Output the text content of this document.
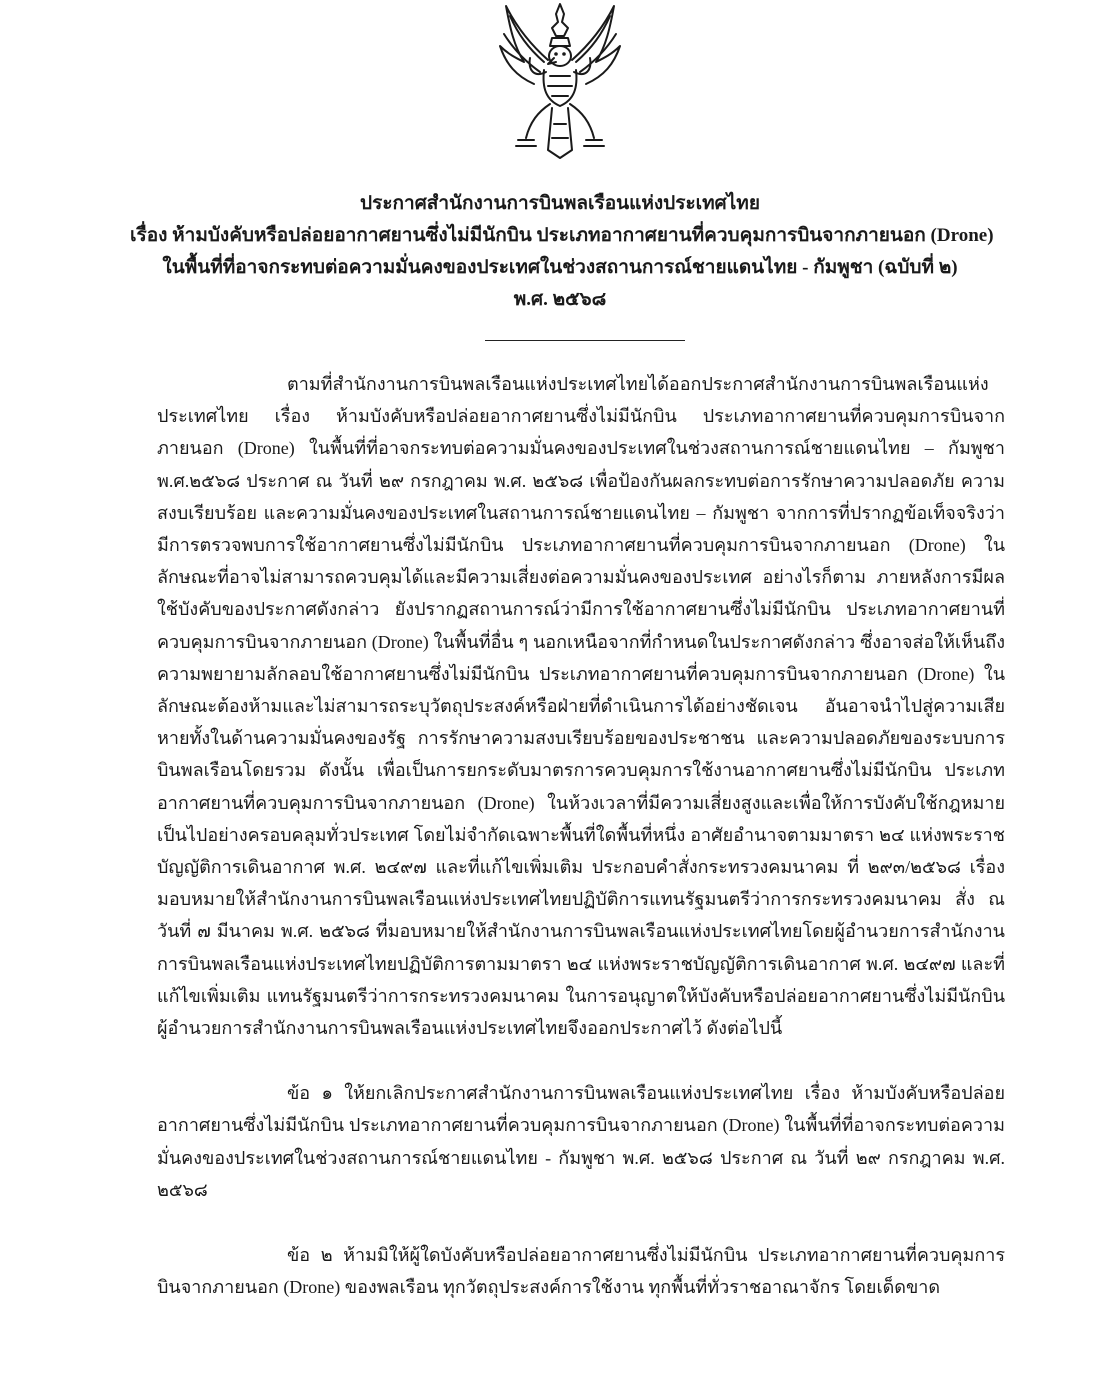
ประกาศสำนักงานการบินพลเรือนแห่งประเทศไทย
เรื่อง ห้ามบังคับหรือปล่อยอากาศยานซึ่งไม่มีนักบิน ประเภทอากาศยานที่ควบคุมการบินจากภายนอก (Drone)
ในพื้นที่ที่อาจกระทบต่อความมั่นคงของประเทศในช่วงสถานการณ์ชายแดนไทย - กัมพูชา (ฉบับที่ ๒)
พ.ศ. ๒๕๖๘

ตามที่สำนักงานการบินพลเรือนแห่งประเทศไทยได้ออกประกาศสำนักงานการบินพลเรือนแห่งประเทศไทย เรื่อง ห้ามบังคับหรือปล่อยอากาศยานซึ่งไม่มีนักบิน ประเภทอากาศยานที่ควบคุมการบินจากภายนอก (Drone) ในพื้นที่ที่อาจกระทบต่อความมั่นคงของประเทศในช่วงสถานการณ์ชายแดนไทย – กัมพูชา พ.ศ.๒๕๖๘ ประกาศ ณ วันที่ ๒๙ กรกฎาคม พ.ศ. ๒๕๖๘ เพื่อป้องกันผลกระทบต่อการรักษาความปลอดภัย ความสงบเรียบร้อย และความมั่นคงของประเทศในสถานการณ์ชายแดนไทย – กัมพูชา จากการที่ปรากฏข้อเท็จจริงว่ามีการตรวจพบการใช้อากาศยานซึ่งไม่มีนักบิน ประเภทอากาศยานที่ควบคุมการบินจากภายนอก (Drone) ในลักษณะที่อาจไม่สามารถควบคุมได้และมีความเสี่ยงต่อความมั่นคงของประเทศ อย่างไรก็ตาม ภายหลังการมีผลใช้บังคับของประกาศดังกล่าว ยังปรากฏสถานการณ์ว่ามีการใช้อากาศยานซึ่งไม่มีนักบิน ประเภทอากาศยานที่ควบคุมการบินจากภายนอก (Drone) ในพื้นที่อื่น ๆ นอกเหนือจากที่กำหนดในประกาศดังกล่าว ซึ่งอาจส่อให้เห็นถึงความพยายามลักลอบใช้อากาศยานซึ่งไม่มีนักบิน ประเภทอากาศยานที่ควบคุมการบินจากภายนอก (Drone) ในลักษณะต้องห้ามและไม่สามารถระบุวัตถุประสงค์หรือฝ่ายที่ดำเนินการได้อย่างชัดเจน อันอาจนำไปสู่ความเสียหายทั้งในด้านความมั่นคงของรัฐ การรักษาความสงบเรียบร้อยของประชาชน และความปลอดภัยของระบบการบินพลเรือนโดยรวม ดังนั้น เพื่อเป็นการยกระดับมาตรการควบคุมการใช้งานอากาศยานซึ่งไม่มีนักบิน ประเภทอากาศยานที่ควบคุมการบินจากภายนอก (Drone) ในห้วงเวลาที่มีความเสี่ยงสูงและเพื่อให้การบังคับใช้กฎหมายเป็นไปอย่างครอบคลุมทั่วประเทศ โดยไม่จำกัดเฉพาะพื้นที่ใดพื้นที่หนึ่ง อาศัยอำนาจตามมาตรา ๒๔ แห่งพระราชบัญญัติการเดินอากาศ พ.ศ. ๒๔๙๗ และที่แก้ไขเพิ่มเติม ประกอบคำสั่งกระทรวงคมนาคม ที่ ๒๙๓/๒๕๖๘ เรื่อง มอบหมายให้สำนักงานการบินพลเรือนแห่งประเทศไทยปฏิบัติการแทนรัฐมนตรีว่าการกระทรวงคมนาคม สั่ง ณ วันที่ ๗ มีนาคม พ.ศ. ๒๕๖๘ ที่มอบหมายให้สำนักงานการบินพลเรือนแห่งประเทศไทยโดยผู้อำนวยการสำนักงานการบินพลเรือนแห่งประเทศไทยปฏิบัติการตามมาตรา ๒๔ แห่งพระราชบัญญัติการเดินอากาศ พ.ศ. ๒๔๙๗ และที่แก้ไขเพิ่มเติม แทนรัฐมนตรีว่าการกระทรวงคมนาคม ในการอนุญาตให้บังคับหรือปล่อยอากาศยานซึ่งไม่มีนักบิน ผู้อำนวยการสำนักงานการบินพลเรือนแห่งประเทศไทยจึงออกประกาศไว้ ดังต่อไปนี้

ข้อ ๑ ให้ยกเลิกประกาศสำนักงานการบินพลเรือนแห่งประเทศไทย เรื่อง ห้ามบังคับหรือปล่อยอากาศยานซึ่งไม่มีนักบิน ประเภทอากาศยานที่ควบคุมการบินจากภายนอก (Drone) ในพื้นที่ที่อาจกระทบต่อความมั่นคงของประเทศในช่วงสถานการณ์ชายแดนไทย - กัมพูชา พ.ศ. ๒๕๖๘ ประกาศ ณ วันที่ ๒๙ กรกฎาคม พ.ศ. ๒๕๖๘

ข้อ ๒ ห้ามมิให้ผู้ใดบังคับหรือปล่อยอากาศยานซึ่งไม่มีนักบิน ประเภทอากาศยานที่ควบคุมการบินจากภายนอก (Drone) ของพลเรือน ทุกวัตถุประสงค์การใช้งาน ทุกพื้นที่ทั่วราชอาณาจักร โดยเด็ดขาด
